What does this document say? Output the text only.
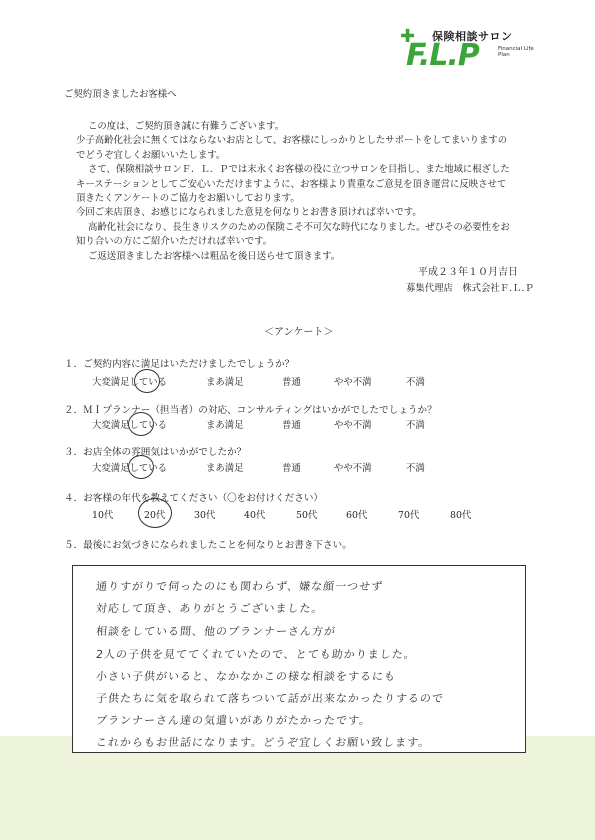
✚ 保険相談サロン
F.L.P	Financial Life Plan
ご契約頂きましたお客様へ
この度は、ご契約頂き誠に有難うございます。
少子高齢化社会に無くてはならないお店として、お客様にしっかりとしたサポートをしてまいりますの
でどうぞ宜しくお願いいたします。
さて、保険相談サロンＦ．Ｌ．Ｐでは末永くお客様の役に立つサロンを目指し、また地域に根ざした
キーステーションとしてご安心いただけますように、お客様より貴重なご意見を頂き運営に反映させて
頂きたくアンケートのご協力をお願いしております。
今回ご来店頂き、お感じになられました意見を何なりとお書き頂ければ幸いです。
高齢化社会になり、長生きリスクのための保険こそ不可欠な時代になりました。ぜひその必要性をお
知り合いの方にご紹介いただければ幸いです。
ご返送頂きましたお客様へは粗品を後日送らせて頂きます。
平成２３年１０月吉日
募集代理店　株式会社Ｆ.Ｌ.Ｐ
＜アンケート＞
１．ご契約内容に満足はいただけましたでしょうか？
大変満足している	まあ満足	普通	やや不満	不満
２．ＭＩプランナー（担当者）の対応、コンサルティングはいかがでしたでしょうか？
大変満足している	まあ満足	普通	やや不満	不満
３．お店全体の雰囲気はいかがでしたか？
大変満足している	まあ満足	普通	やや不満	不満
４．お客様の年代を教えてください（〇をお付けください）
10代	20代	30代	40代	50代	60代	70代	80代
５．最後にお気づきになられましたことを何なりとお書き下さい。
通りすがりで伺ったのにも関わらず、嫌な顔一つせず
対応して頂き、ありがとうございました。
相談をしている間、他のプランナーさん方が
2人の子供を見ててくれていたので、とても助かりました。
小さい子供がいると、なかなかこの様な相談をするにも
子供たちに気を取られて落ちついて話が出来なかったりするので
プランナーさん達の気遣いがありがたかったです。
これからもお世話になります。どうぞ宜しくお願い致します。
